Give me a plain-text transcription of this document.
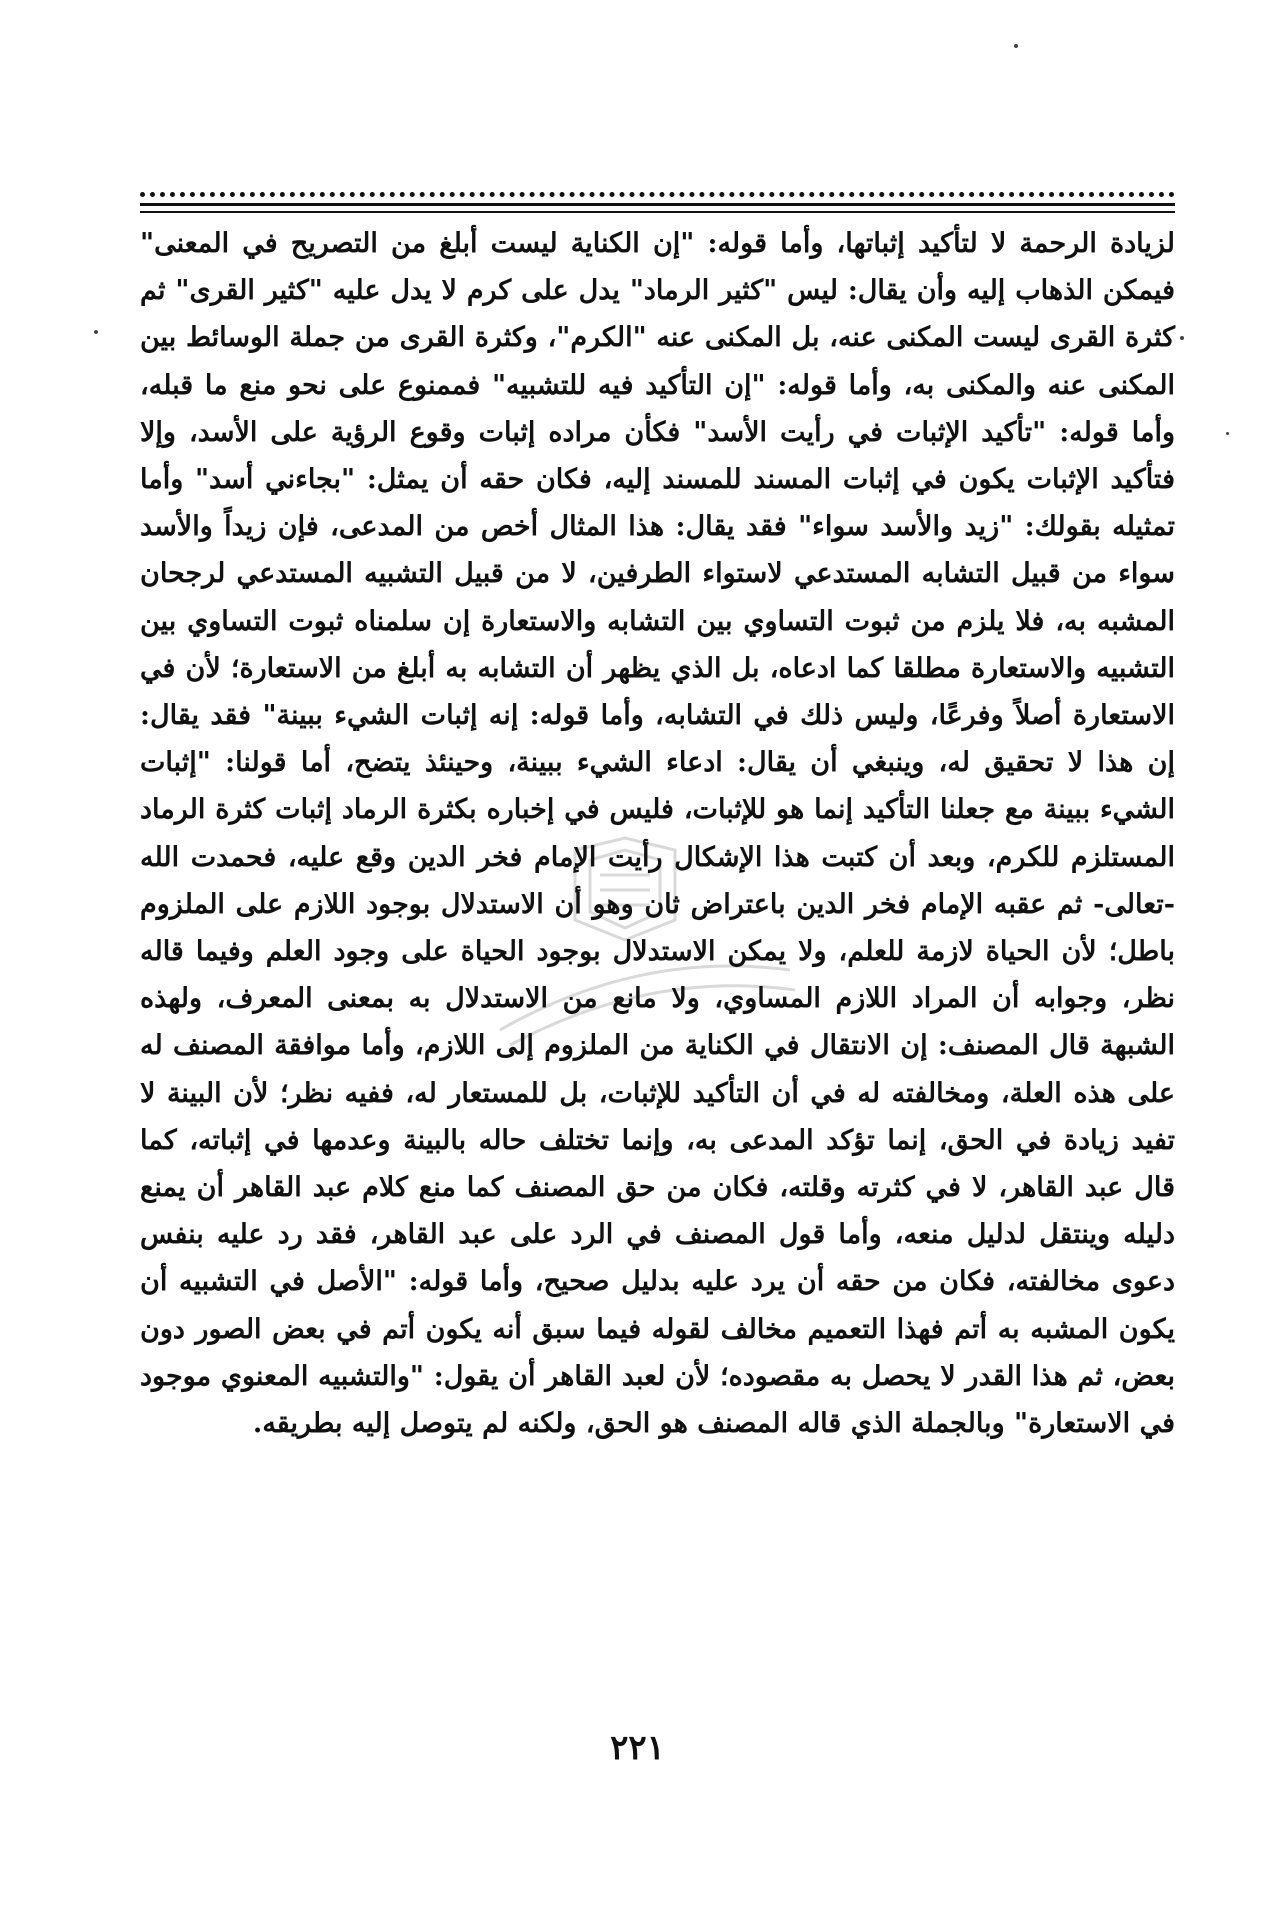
لزيادة الرحمة لا لتأكيد إثباتها، وأما قوله: "إن الكناية ليست أبلغ من التصريح في المعنى" فيمكن الذهاب إليه وأن يقال: ليس "كثير الرماد" يدل على كرم لا يدل عليه "كثير القرى" ثم كثرة القرى ليست المكنى عنه، بل المكنى عنه "الكرم"، وكثرة القرى من جملة الوسائط بين المكنى عنه والمكنى به، وأما قوله: "إن التأكيد فيه للتشبيه" فممنوع على نحو منع ما قبله، وأما قوله: "تأكيد الإثبات في رأيت الأسد" فكأن مراده إثبات وقوع الرؤية على الأسد، وإلا فتأكيد الإثبات يكون في إثبات المسند للمسند إليه، فكان حقه أن يمثل: "بجاءني أسد" وأما تمثيله بقولك: "زيد والأسد سواء" فقد يقال: هذا المثال أخص من المدعى، فإن زيداً والأسد سواء من قبيل التشابه المستدعي لاستواء الطرفين، لا من قبيل التشبيه المستدعي لرجحان المشبه به، فلا يلزم من ثبوت التساوي بين التشابه والاستعارة إن سلمناه ثبوت التساوي بين التشبيه والاستعارة مطلقا كما ادعاه، بل الذي يظهر أن التشابه به أبلغ من الاستعارة؛ لأن في الاستعارة أصلاً وفرعًا، وليس ذلك في التشابه، وأما قوله: إنه إثبات الشيء ببينة" فقد يقال: إن هذا لا تحقيق له، وينبغي أن يقال: ادعاء الشيء ببينة، وحينئذ يتضح، أما قولنا: "إثبات الشيء ببينة مع جعلنا التأكيد إنما هو للإثبات، فليس في إخباره بكثرة الرماد إثبات كثرة الرماد المستلزم للكرم، وبعد أن كتبت هذا الإشكال رأيت الإمام فخر الدين وقع عليه، فحمدت الله -تعالى- ثم عقبه الإمام فخر الدين باعتراض ثان وهو أن الاستدلال بوجود اللازم على الملزوم باطل؛ لأن الحياة لازمة للعلم، ولا يمكن الاستدلال بوجود الحياة على وجود العلم وفيما قاله نظر، وجوابه أن المراد اللازم المساوي، ولا مانع من الاستدلال به بمعنى المعرف، ولهذه الشبهة قال المصنف: إن الانتقال في الكناية من الملزوم إلى اللازم، وأما موافقة المصنف له على هذه العلة، ومخالفته له في أن التأكيد للإثبات، بل للمستعار له، ففيه نظر؛ لأن البينة لا تفيد زيادة في الحق، إنما تؤكد المدعى به، وإنما تختلف حاله بالبينة وعدمها في إثباته، كما قال عبد القاهر، لا في كثرته وقلته، فكان من حق المصنف كما منع كلام عبد القاهر أن يمنع دليله وينتقل لدليل منعه، وأما قول المصنف في الرد على عبد القاهر، فقد رد عليه بنفس دعوى مخالفته، فكان من حقه أن يرد عليه بدليل صحيح، وأما قوله: "الأصل في التشبيه أن يكون المشبه به أتم فهذا التعميم مخالف لقوله فيما سبق أنه يكون أتم في بعض الصور دون بعض، ثم هذا القدر لا يحصل به مقصوده؛ لأن لعبد القاهر أن يقول: "والتشبيه المعنوي موجود في الاستعارة" وبالجملة الذي قاله المصنف هو الحق، ولكنه لم يتوصل إليه بطريقه.

٢٢١
